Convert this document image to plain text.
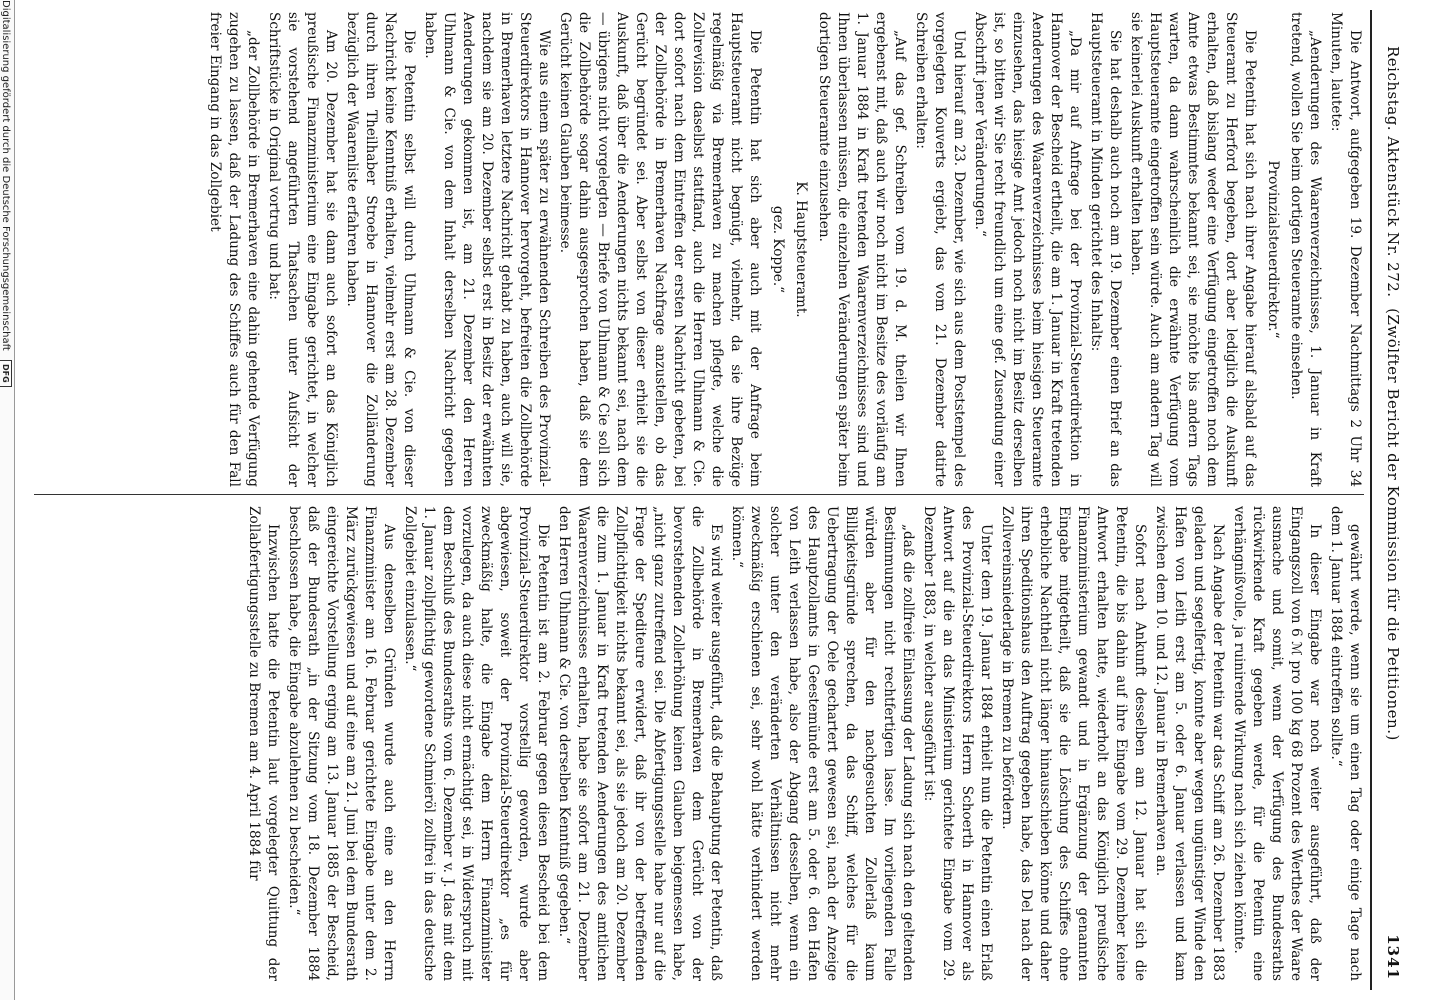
Digitalisierung gefördert durch die Deutsche Forschungsgemeinschaft DFG
Reichstag. Aktenstück Nr. 272.  (Zwölfter Bericht der Kommission für die Petitionen.)
1341

Die Antwort, aufgegeben 19. Dezember Nachmittags 2 Uhr 34 Minuten, lautete:

„Aenderungen des Waarenverzeichnisses, 1. Januar in Kraft tretend, wollen Sie beim dortigen Steueramte einsehen.

Provinzialsteuerdirektor.“

Die Petentin hat sich nach ihrer Angabe hierauf alsbald auf das Steueramt zu Herford begeben, dort aber lediglich die Auskunft erhalten, daß bislang weder eine Verfügung eingetroffen noch dem Amte etwas Bestimmtes bekannt sei, sie möchte bis andern Tags warten, da dann wahrscheinlich die erwähnte Verfügung vom Hauptsteueramte eingetroffen sein würde. Auch am andern Tag will sie keinerlei Auskunft erhalten haben.

Sie hat deshalb auch noch am 19. Dezember einen Brief an das Hauptsteueramt in Minden gerichtet des Inhalts:

„Da mir auf Anfrage bei der Provinzial-Steuerdirektion in Hannover der Bescheid ertheilt, die am 1. Januar in Kraft tretenden Aenderungen des Waarenverzeichnisses beim hiesigen Steueramte einzusehen, das hiesige Amt jedoch noch nicht im Besitz derselben ist, so bitten wir Sie recht freundlich um eine gef. Zusendung einer Abschrift jener Veränderungen.“

Und hierauf am 23. Dezember, wie sich aus dem Poststempel des vorgelegten Kouverts ergiebt, das vom 21. Dezember datirte Schreiben erhalten:

„Auf das gef. Schreiben vom 19. d. M. theilen wir Ihnen ergebenst mit, daß auch wir noch nicht im Besitze des vorläufig am 1. Januar 1884 in Kraft tretenden Waarenverzeichnisses sind und Ihnen überlassen müssen, die einzelnen Veränderungen später beim dortigen Steueramte einzusehen.

K. Hauptsteueramt.

gez. Koppe.“

Die Petentin hat sich aber auch mit der Anfrage beim Hauptsteueramt nicht begnügt, vielmehr, da sie ihre Bezüge regelmäßig via Bremerhaven zu machen pflegte, welche die Zollrevision daselbst stattfand, auch die Herren Uhlmann & Cie. dort sofort nach dem Eintreffen der ersten Nachricht gebeten, bei der Zollbehörde in Bremerhaven Nachfrage anzustellen, ob das Gerücht begründet sei. Aber selbst von dieser erhielt sie die Auskunft, daß über die Aenderungen nichts bekannt sei, nach dem — übrigens nicht vorgelegten — Briefe von Uhlmann & Cie soll sich die Zollbehörde sogar dahin ausgesprochen haben, daß sie dem Gerücht keinen Glauben beimesse.

Wie aus einem später zu erwähnenden Schreiben des Provinzial-Steuerdirektors in Hannover hervorgeht, befreiten die Zollbehörde in Bremerhaven letztere Nachricht gehabt zu haben, auch will sie, nachdem sie am 20. Dezember selbst erst in Besitz der erwähnten Aenderungen gekommen ist, am 21. Dezember den Herren Uhlmann & Cie. von dem Inhalt derselben Nachricht gegeben haben.

Die Petentin selbst will durch Uhlmann & Cie. von dieser Nachricht keine Kenntniß erhalten, vielmehr erst am 28. Dezember durch ihren Theilhaber Stroebe in Hannover die Zolländerung bezüglich der Waarenliste erfahren haben.

Am 20. Dezember hat sie dann auch sofort an das Königlich preußische Finanzministerium eine Eingabe gerichtet, in welcher sie vorstehend angeführten Thatsachen unter Aufsicht der Schriftstücke in Original vortrug und bat:

„der Zollbehörde in Bremerhaven eine dahin gehende Verfügung zugehen zu lassen, daß der Ladung des Schiffes auch für den Fall freier Eingang in das Zollgebiet

gewährt werde, wenn sie um einen Tag oder einige Tage nach dem 1. Januar 1884 eintreffen sollte.“

In dieser Eingabe war noch weiter ausgeführt, daß der Eingangszoll von 6 ℳ pro 100 kg 68 Prozent des Werthes der Waare ausmache und somit, wenn der Verfügung des Bundesraths rückwirkende Kraft gegeben werde, für die Petentin eine verhängnißvolle, ja ruinirende Wirkung nach sich ziehen könnte.

Nach Angabe der Petentin war das Schiff am 26. Dezember 1883 geladen und segelfertig, konnte aber wegen ungünstiger Winde den Hafen von Leith erst am 5. oder 6. Januar verlassen und kam zwischen dem 10. und 12. Januar in Bremerhaven an.

Sofort nach Ankunft desselben am 12. Januar hat sich die Petentin, die bis dahin auf ihre Eingabe vom 29. Dezember keine Antwort erhalten hatte, wiederholt an das Königlich preußische Finanzministerium gewandt und in Ergänzung der genannten Eingabe mitgetheilt, daß sie die Löschung des Schiffes ohne erhebliche Nachtheil nicht länger hinausschieben könne und daher ihren Speditionshaus den Auftrag gegeben habe, das Del nach der Zollvereinsniederlage in Bremen zu befördern.

Unter dem 19. Januar 1884 erhielt nun die Petentin einen Erlaß des Provinzial-Steuerdirektors Herrn Schoerth in Hannover als Antwort auf die an das Ministerium gerichtete Eingabe vom 29. Dezember 1883, in welcher ausgeführt ist:

„daß die zollfreie Einlassung der Ladung sich nach den geltenden Bestimmungen nicht rechtfertigen lasse. Im vorliegenden Falle würden aber für den nachgesuchten Zollerlaß kaum Billigkeitsgründe sprechen, da das Schiff, welches für die Uebertragung der Oele gechartert gewesen sei, nach der Anzeige des Hauptzollamts in Geestemünde erst am 5. oder 6. den Hafen von Leith verlassen habe, also der Abgang desselben, wenn ein solcher unter den veränderten Verhältnissen nicht mehr zweckmäßig erschienen sei, sehr wohl hätte verhindert werden können.“

Es wird weiter ausgeführt, daß die Behauptung der Petentin, daß die Zollbehörde in Bremerhaven dem Gerücht von der bevorstehenden Zollerhöhung keinen Glauben beigemessen habe, „nicht ganz zutreffend sei. Die Abfertigungsstelle habe nur auf die Frage der Spediteure erwidert, daß ihr von der betreffenden Zollpflichtigkeit nichts bekannt sei, als sie jedoch am 20. Dezember die zum 1. Januar in Kraft tretenden Aenderungen des amtlichen Waarenverzeichnisses erhalten, habe sie sofort am 21. Dezember den Herren Uhlmann & Cie. von derselben Kenntniß gegeben.“

Die Petentin ist am 2. Februar gegen diesen Bescheid bei dem Provinzial-Steuerdirektor vorstellig geworden, wurde aber abgewiesen, soweit der Provinzial-Steuerdirektor „es für zweckmäßig halte, die Eingabe dem Herrn Finanzminister vorzulegen, da auch diese nicht ermächtigt sei, in Widerspruch mit dem Beschluß des Bundesraths vom 6. Dezember v. J. das mit dem 1. Januar zollpflichtig gewordene Schmieröl zollfrei in das deutsche Zollgebiet einzulassen.“

Aus denselben Gründen wurde auch eine an den Herrn Finanzminister am 16. Februar gerichtete Eingabe unter dem 2. März zurückgewiesen und auf eine am 21. Juni bei dem Bundesrath eingereichte Vorstellung erging am 13. Januar 1885 der Bescheid, daß der Bundesrath „in der Sitzung vom 18. Dezember 1884 beschlossen habe, die Eingabe abzulehnen zu bescheiden.“

Inzwischen hatte die Petentin laut vorgelegter Quittung der Zollabfertigungsstelle zu Bremen am 4. April 1884 für
